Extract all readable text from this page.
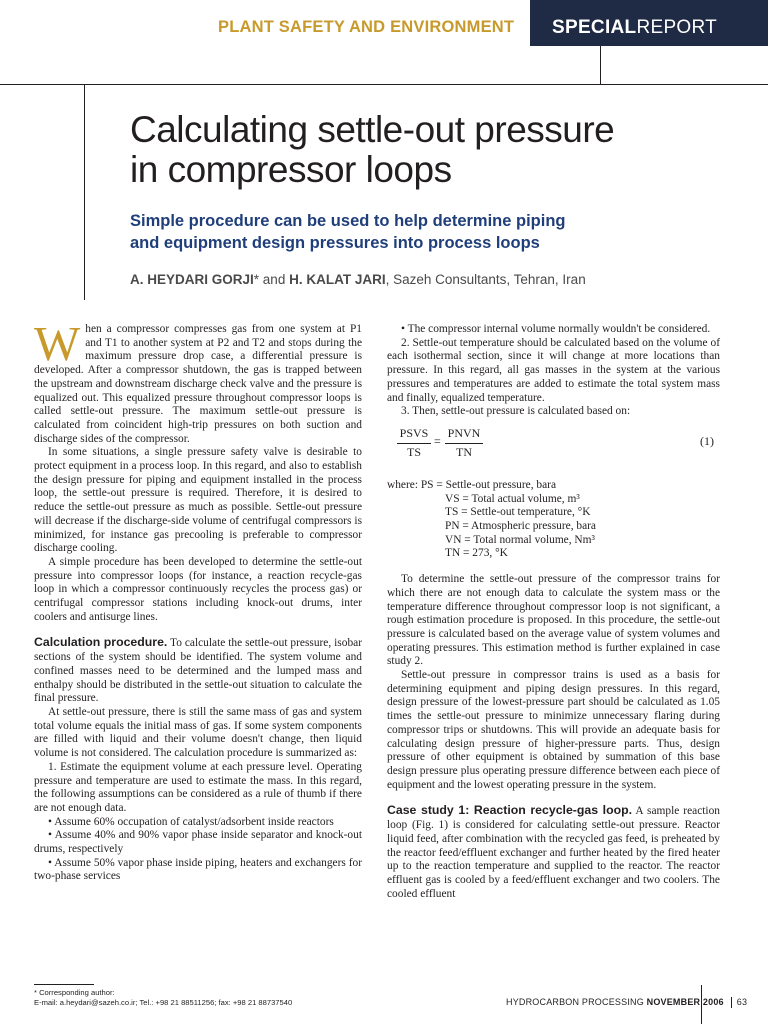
PLANT SAFETY AND ENVIRONMENT	SPECIALREPORT
Calculating settle-out pressure
in compressor loops
Simple procedure can be used to help determine piping
and equipment design pressures into process loops
A. HEYDARI GORJI* and H. KALAT JARI, Sazeh Consultants, Tehran, Iran

When a compressor compresses gas from one system at P1 and T1 to another system at P2 and T2 and stops during the maximum pressure drop case, a differential pressure is developed. After a compressor shutdown, the gas is trapped between the upstream and downstream discharge check valve and the pressure is equalized out. This equalized pressure throughout compressor loops is called settle-out pressure. The maximum settle-out pressure is calculated from coincident high-trip pressures on both suction and discharge sides of the compressor.

In some situations, a single pressure safety valve is desirable to protect equipment in a process loop. In this regard, and also to establish the design pressure for piping and equipment installed in the process loop, the settle-out pressure is required. Therefore, it is desired to reduce the settle-out pressure as much as possible. Settle-out pressure will decrease if the discharge-side volume of centrifugal compressors is minimized, for instance gas precooling is preferable to compressor discharge cooling.

A simple procedure has been developed to determine the settle-out pressure into compressor loops (for instance, a reaction recycle-gas loop in which a compressor continuously recycles the process gas) or centrifugal compressor stations including knock-out drums, inter coolers and antisurge lines.

Calculation procedure. To calculate the settle-out pressure, isobar sections of the system should be identified. The system volume and confined masses need to be determined and the lumped mass and enthalpy should be distributed in the settle-out situation to calculate the final pressure.

At settle-out pressure, there is still the same mass of gas and system total volume equals the initial mass of gas. If some system components are filled with liquid and their volume doesn't change, then liquid volume is not considered. The calculation procedure is summarized as:

1. Estimate the equipment volume at each pressure level. Operating pressure and temperature are used to estimate the mass. In this regard, the following assumptions can be considered as a rule of thumb if there are not enough data.

• Assume 60% occupation of catalyst/adsorbent inside reactors

• Assume 40% and 90% vapor phase inside separator and knock-out drums, respectively

• Assume 50% vapor phase inside piping, heaters and exchangers for two-phase services

• The compressor internal volume normally wouldn't be considered.

2. Settle-out temperature should be calculated based on the volume of each isothermal section, since it will change at more locations than pressure. In this regard, all gas masses in the system at the various pressures and temperatures are added to estimate the total system mass and finally, equalized temperature.

3. Then, settle-out pressure is calculated based on:

PSVS
TS
=
PNVN
TN
(1)
where: PS = Settle-out pressure, bara
VS = Total actual volume, m³
TS = Settle-out temperature, °K
PN = Atmospheric pressure, bara
VN = Total normal volume, Nm³
TN = 273, °K

To determine the settle-out pressure of the compressor trains for which there are not enough data to calculate the system mass or the temperature difference throughout compressor loop is not significant, a rough estimation procedure is proposed. In this procedure, the settle-out pressure is calculated based on the average value of system volumes and operating pressures. This estimation method is further explained in case study 2.

Settle-out pressure in compressor trains is used as a basis for determining equipment and piping design pressures. In this regard, design pressure of the lowest-pressure part should be calculated as 1.05 times the settle-out pressure to minimize unnecessary flaring during compressor trips or shutdowns. This will provide an adequate basis for calculating design pressure of higher-pressure parts. Thus, design pressure of other equipment is obtained by summation of this base design pressure plus operating pressure difference between each piece of equipment and the lowest operating pressure in the system.

Case study 1: Reaction recycle-gas loop. A sample reaction loop (Fig. 1) is considered for calculating settle-out pressure. Reactor liquid feed, after combination with the recycled gas feed, is preheated by the reactor feed/effluent exchanger and further heated by the fired heater up to the reaction temperature and supplied to the reactor. The reactor effluent gas is cooled by a feed/effluent exchanger and two coolers. The cooled effluent

* Corresponding author:
E-mail: a.heydari@sazeh.co.ir; Tel.: +98 21 88511256; fax: +98 21 88737540	HYDROCARBON PROCESSING NOVEMBER 2006 63
